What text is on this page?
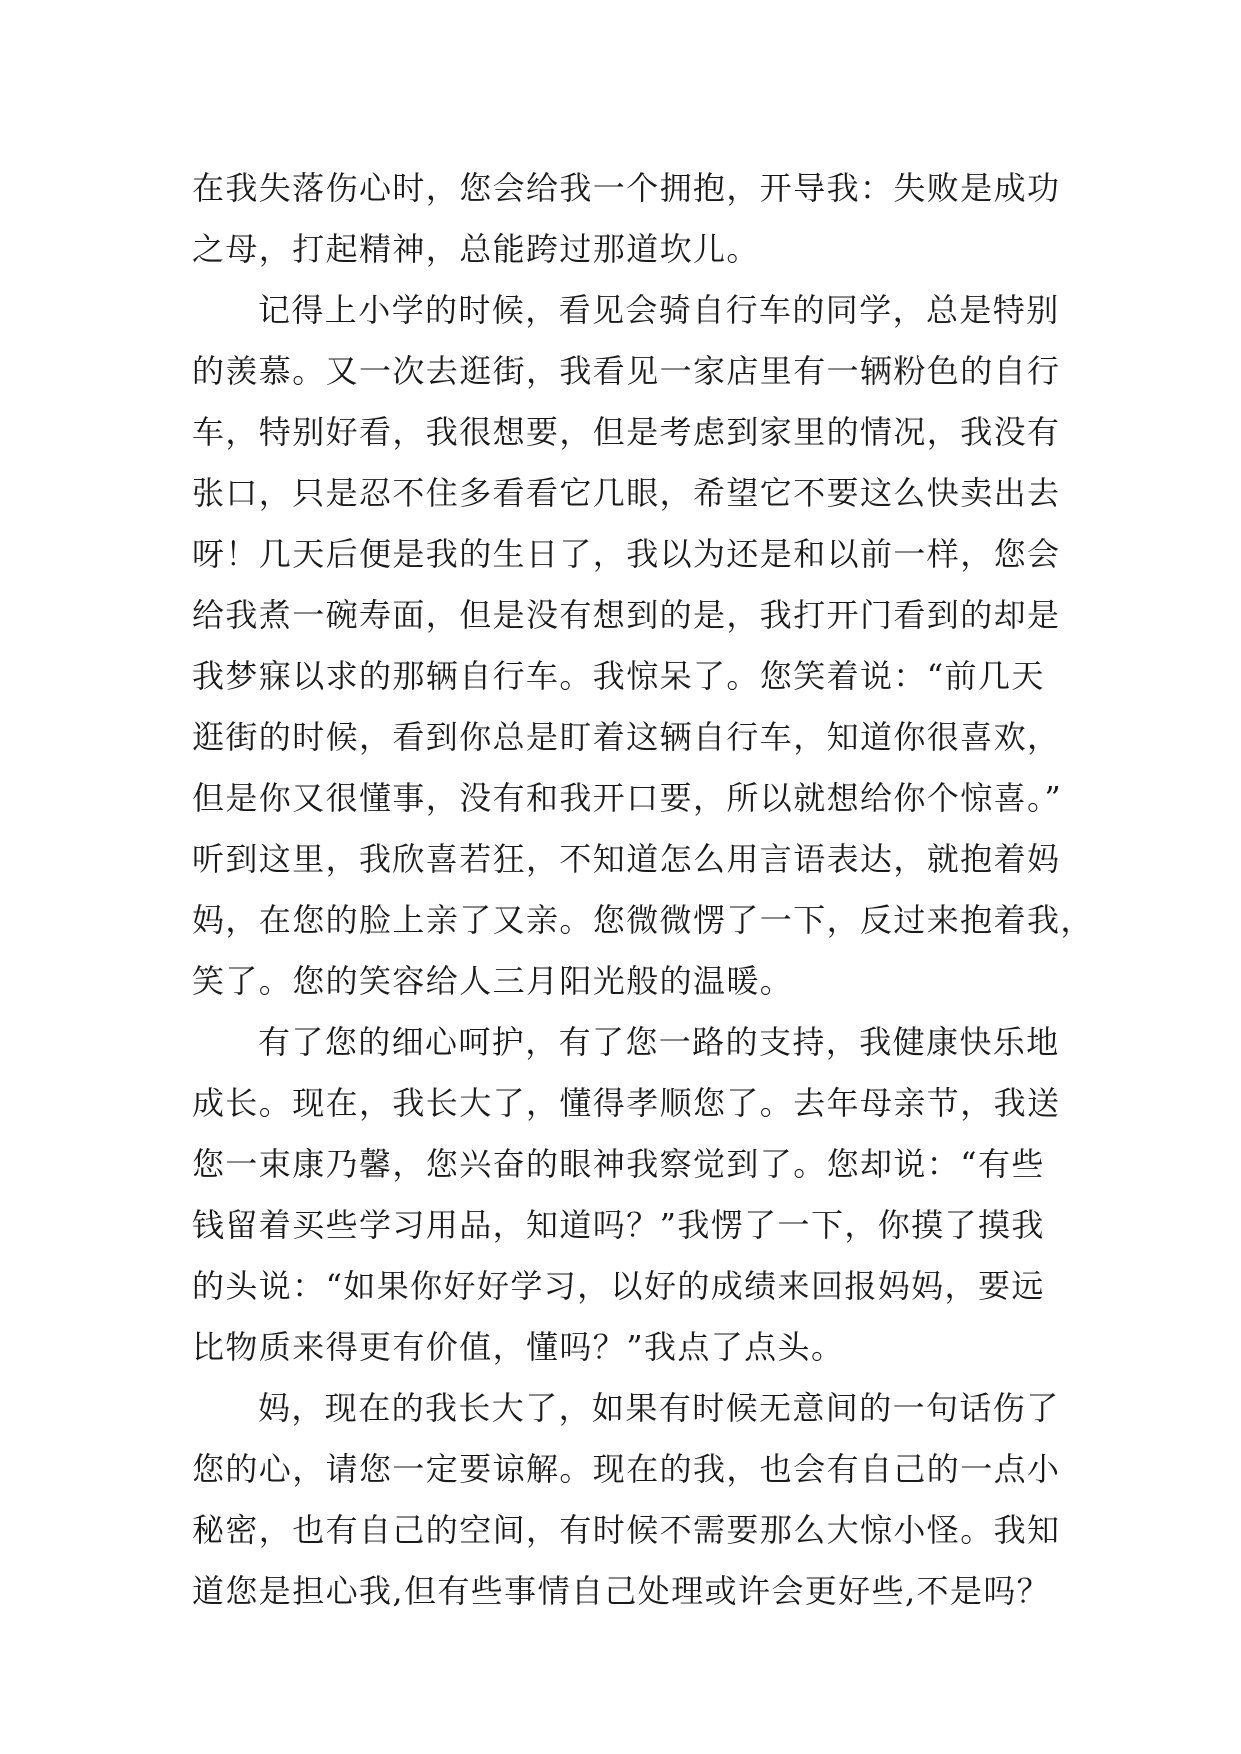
在我失落伤心时，您会给我一个拥抱，开导我：失败是成功
之母，打起精神，总能跨过那道坎儿。
记得上小学的时候，看见会骑自行车的同学，总是特别
的羡慕。又一次去逛街，我看见一家店里有一辆粉色的自行
车，特别好看，我很想要，但是考虑到家里的情况，我没有
张口，只是忍不住多看看它几眼，希望它不要这么快卖出去
呀！几天后便是我的生日了，我以为还是和以前一样，您会
给我煮一碗寿面，但是没有想到的是，我打开门看到的却是
我梦寐以求的那辆自行车。我惊呆了。您笑着说：“前几天
逛街的时候，看到你总是盯着这辆自行车，知道你很喜欢，
但是你又很懂事，没有和我开口要，所以就想给你个惊喜。”
听到这里，我欣喜若狂，不知道怎么用言语表达，就抱着妈
妈，在您的脸上亲了又亲。您微微愣了一下，反过来抱着我，
笑了。您的笑容给人三月阳光般的温暖。
有了您的细心呵护，有了您一路的支持，我健康快乐地
成长。现在，我长大了，懂得孝顺您了。去年母亲节，我送
您一束康乃馨，您兴奋的眼神我察觉到了。您却说：“有些
钱留着买些学习用品，知道吗？”我愣了一下，你摸了摸我
的头说：“如果你好好学习，以好的成绩来回报妈妈，要远
比物质来得更有价值，懂吗？”我点了点头。
妈，现在的我长大了，如果有时候无意间的一句话伤了
您的心，请您一定要谅解。现在的我，也会有自己的一点小
秘密，也有自己的空间，有时候不需要那么大惊小怪。我知
道您是担心我,但有些事情自己处理或许会更好些,不是吗？
